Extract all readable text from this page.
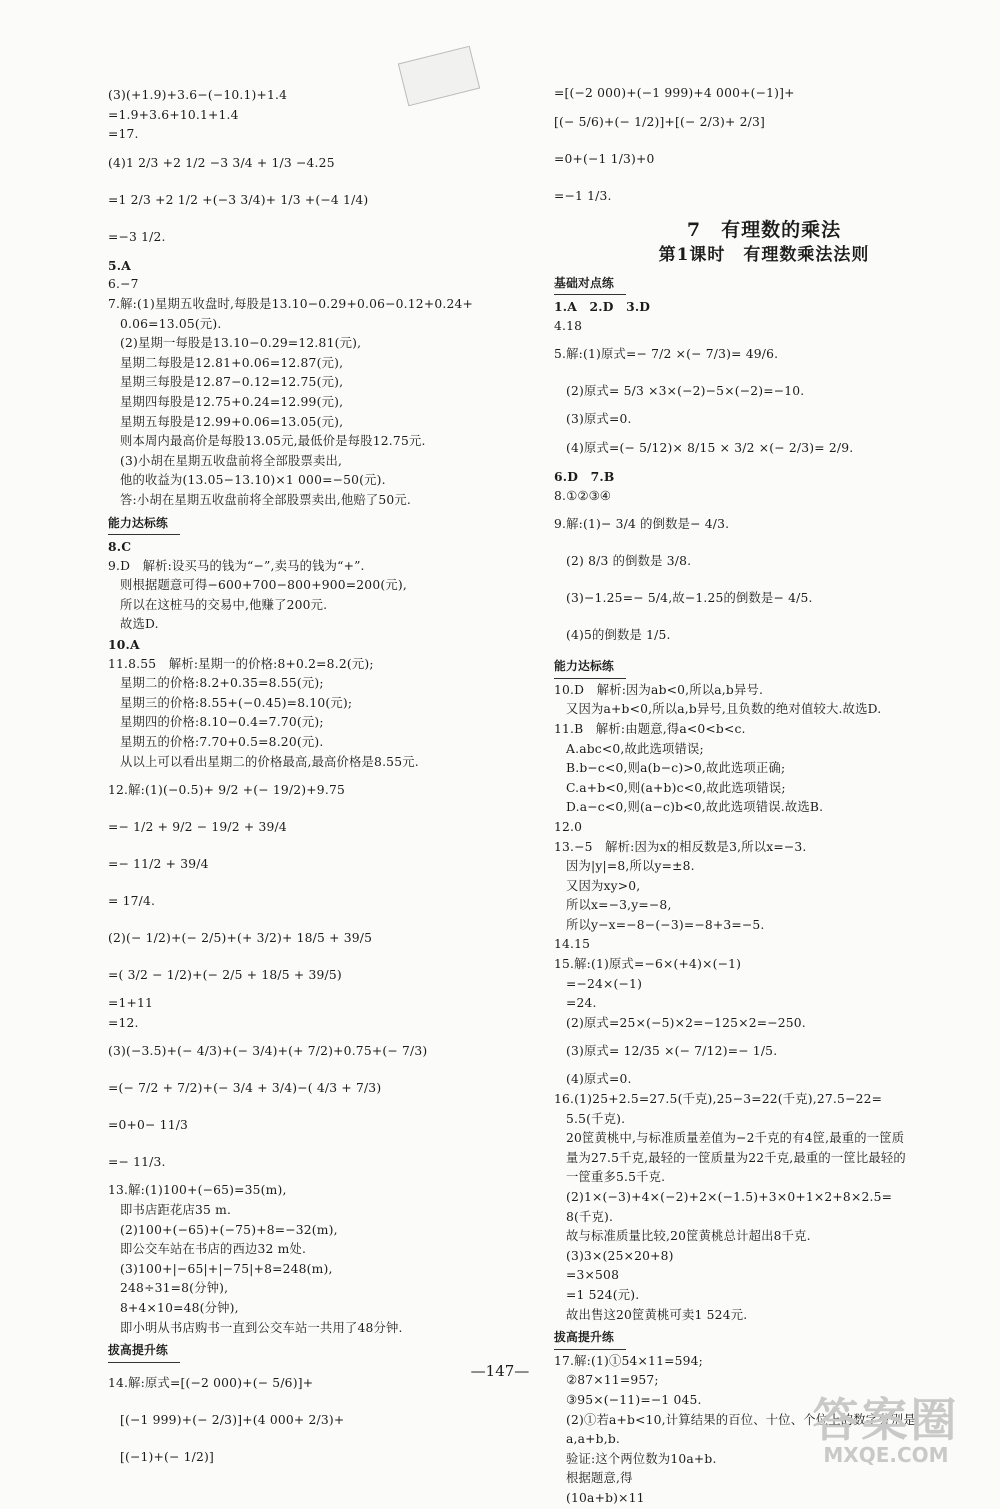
(3)(+1.9)+3.6−(−10.1)+1.4
=1.9+3.6+10.1+1.4
=17.
(4)1 2/3 +2 1/2 −3 3/4 + 1/3 −4.25
=1 2/3 +2 1/2 +(−3 3/4)+ 1/3 +(−4 1/4)
=−3 1/2.
5.A
6.−7
7.解:(1)星期五收盘时,每股是13.10−0.29+0.06−0.12+0.24+
0.06=13.05(元).
(2)星期一每股是13.10−0.29=12.81(元),
星期二每股是12.81+0.06=12.87(元),
星期三每股是12.87−0.12=12.75(元),
星期四每股是12.75+0.24=12.99(元),
星期五每股是12.99+0.06=13.05(元),
则本周内最高价是每股13.05元,最低价是每股12.75元.
(3)小胡在星期五收盘前将全部股票卖出,
他的收益为(13.05−13.10)×1 000=−50(元).
答:小胡在星期五收盘前将全部股票卖出,他赔了50元.
能力达标练
8.C
9.D　解析:设买马的钱为“−”,卖马的钱为“+”.
则根据题意可得−600+700−800+900=200(元),
所以在这桩马的交易中,他赚了200元.
故选D.
10.A
11.8.55　解析:星期一的价格:8+0.2=8.2(元);
星期二的价格:8.2+0.35=8.55(元);
星期三的价格:8.55+(−0.45)=8.10(元);
星期四的价格:8.10−0.4=7.70(元);
星期五的价格:7.70+0.5=8.20(元).
从以上可以看出星期二的价格最高,最高价格是8.55元.
12.解:(1)(−0.5)+ 9/2 +(− 19/2)+9.75
=− 1/2 + 9/2 − 19/2 + 39/4
=− 11/2 + 39/4
= 17/4.
(2)(− 1/2)+(− 2/5)+(+ 3/2)+ 18/5 + 39/5
=( 3/2 − 1/2)+(− 2/5 + 18/5 + 39/5)
=1+11
=12.
(3)(−3.5)+(− 4/3)+(− 3/4)+(+ 7/2)+0.75+(− 7/3)
=(− 7/2 + 7/2)+(− 3/4 + 3/4)−( 4/3 + 7/3)
=0+0− 11/3
=− 11/3.
13.解:(1)100+(−65)=35(m),
即书店距花店35 m.
(2)100+(−65)+(−75)+8=−32(m),
即公交车站在书店的西边32 m处.
(3)100+|−65|+|−75|+8=248(m),
248÷31=8(分钟),
8+4×10=48(分钟),
即小明从书店购书一直到公交车站一共用了48分钟.
拔高提升练
14.解:原式=[(−2 000)+(− 5/6)]+
[(−1 999)+(− 2/3)]+(4 000+ 2/3)+
[(−1)+(− 1/2)]
=[(−2 000)+(−1 999)+4 000+(−1)]+
[(− 5/6)+(− 1/2)]+[(− 2/3)+ 2/3]
=0+(−1 1/3)+0
=−1 1/3.
7　有理数的乘法
第1课时　有理数乘法法则
基础对点练
1.A　2.D　3.D
4.18
5.解:(1)原式=− 7/2 ×(− 7/3)= 49/6.
(2)原式= 5/3 ×3×(−2)−5×(−2)=−10.
(3)原式=0.
(4)原式=(− 5/12)× 8/15 × 3/2 ×(− 2/3)= 2/9.
6.D　7.B
8.①②③④
9.解:(1)− 3/4 的倒数是− 4/3.
(2) 8/3 的倒数是 3/8.
(3)−1.25=− 5/4,故−1.25的倒数是− 4/5.
(4)5的倒数是 1/5.
能力达标练
10.D　解析:因为ab<0,所以a,b异号.
又因为a+b<0,所以a,b异号,且负数的绝对值较大.故选D.
11.B　解析:由题意,得a<0<b<c.
A.abc<0,故此选项错误;
B.b−c<0,则a(b−c)>0,故此选项正确;
C.a+b<0,则(a+b)c<0,故此选项错误;
D.a−c<0,则(a−c)b<0,故此选项错误.故选B.
12.0
13.−5　解析:因为x的相反数是3,所以x=−3.
因为|y|=8,所以y=±8.
又因为xy>0,
所以x=−3,y=−8,
所以y−x=−8−(−3)=−8+3=−5.
14.15
15.解:(1)原式=−6×(+4)×(−1)
=−24×(−1)
=24.
(2)原式=25×(−5)×2=−125×2=−250.
(3)原式= 12/35 ×(− 7/12)=− 1/5.
(4)原式=0.
16.(1)25+2.5=27.5(千克),25−3=22(千克),27.5−22=
5.5(千克).
20筐黄桃中,与标准质量差值为−2千克的有4筐,最重的一筐质
量为27.5千克,最轻的一筐质量为22千克,最重的一筐比最轻的
一筐重多5.5千克.
(2)1×(−3)+4×(−2)+2×(−1.5)+3×0+1×2+8×2.5=
8(千克).
故与标准质量比较,20筐黄桃总计超出8千克.
(3)3×(25×20+8)
=3×508
=1 524(元).
故出售这20筐黄桃可卖1 524元.
拔高提升练
17.解:(1)①54×11=594;
②87×11=957;
③95×(−11)=−1 045.
(2)①若a+b<10,计算结果的百位、十位、个位上的数字分别是
a,a+b,b.
验证:这个两位数为10a+b.
根据题意,得
(10a+b)×11
—147—
答案圈
MXQE.COM
